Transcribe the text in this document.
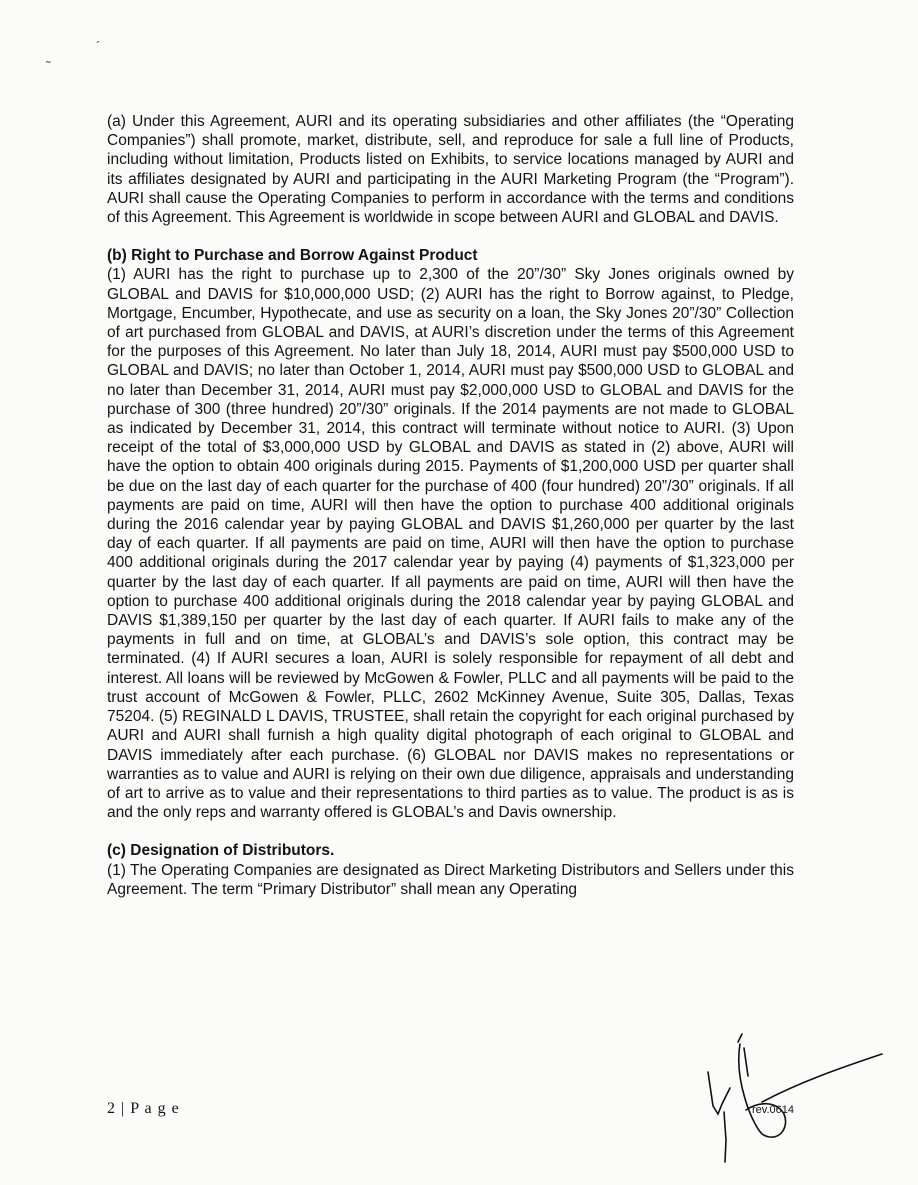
´
˜

(a) Under this Agreement, AURI and its operating subsidiaries and other affiliates (the “Operating Companies”) shall promote, market, distribute, sell, and reproduce for sale a full line of Products, including without limitation, Products listed on Exhibits, to service locations managed by AURI and its affiliates designated by AURI and participating in the AURI Marketing Program (the “Program”). AURI shall cause the Operating Companies to perform in accordance with the terms and conditions of this Agreement. This Agreement is worldwide in scope between AURI and GLOBAL and DAVIS.

(b) Right to Purchase and Borrow Against Product

(1) AURI has the right to purchase up to 2,300 of the 20”/30” Sky Jones originals owned by GLOBAL and DAVIS for $10,000,000 USD; (2) AURI has the right to Borrow against, to Pledge, Mortgage, Encumber, Hypothecate, and use as security on a loan, the Sky Jones 20”/30” Collection of art purchased from GLOBAL and DAVIS, at AURI’s discretion under the terms of this Agreement for the purposes of this Agreement. No later than July 18, 2014, AURI must pay $500,000 USD to GLOBAL and DAVIS; no later than October 1, 2014, AURI must pay $500,000 USD to GLOBAL and no later than December 31, 2014, AURI must pay $2,000,000 USD to GLOBAL and DAVIS for the purchase of 300 (three hundred) 20”/30” originals. If the 2014 payments are not made to GLOBAL as indicated by December 31, 2014, this contract will terminate without notice to AURI. (3) Upon receipt of the total of $3,000,000 USD by GLOBAL and DAVIS as stated in (2) above, AURI will have the option to obtain 400 originals during 2015. Payments of $1,200,000 USD per quarter shall be due on the last day of each quarter for the purchase of 400 (four hundred) 20”/30” originals. If all payments are paid on time, AURI will then have the option to purchase 400 additional originals during the 2016 calendar year by paying GLOBAL and DAVIS $1,260,000 per quarter by the last day of each quarter. If all payments are paid on time, AURI will then have the option to purchase 400 additional originals during the 2017 calendar year by paying (4) payments of $1,323,000 per quarter by the last day of each quarter. If all payments are paid on time, AURI will then have the option to purchase 400 additional originals during the 2018 calendar year by paying GLOBAL and DAVIS $1,389,150 per quarter by the last day of each quarter. If AURI fails to make any of the payments in full and on time, at GLOBAL’s and DAVIS’s sole option, this contract may be terminated. (4) If AURI secures a loan, AURI is solely responsible for repayment of all debt and interest. All loans will be reviewed by McGowen & Fowler, PLLC and all payments will be paid to the trust account of McGowen & Fowler, PLLC, 2602 McKinney Avenue, Suite 305, Dallas, Texas 75204. (5) REGINALD L DAVIS, TRUSTEE, shall retain the copyright for each original purchased by AURI and AURI shall furnish a high quality digital photograph of each original to GLOBAL and DAVIS immediately after each purchase. (6) GLOBAL nor DAVIS makes no representations or warranties as to value and AURI is relying on their own due diligence, appraisals and understanding of art to arrive as to value and their representations to third parties as to value. The product is as is and the only reps and warranty offered is GLOBAL’s and Davis ownership.

(c) Designation of Distributors.

(1) The Operating Companies are designated as Direct Marketing Distributors and Sellers under this Agreement. The term “Primary Distributor” shall mean any Operating

2 | P a g e	rev.0614
